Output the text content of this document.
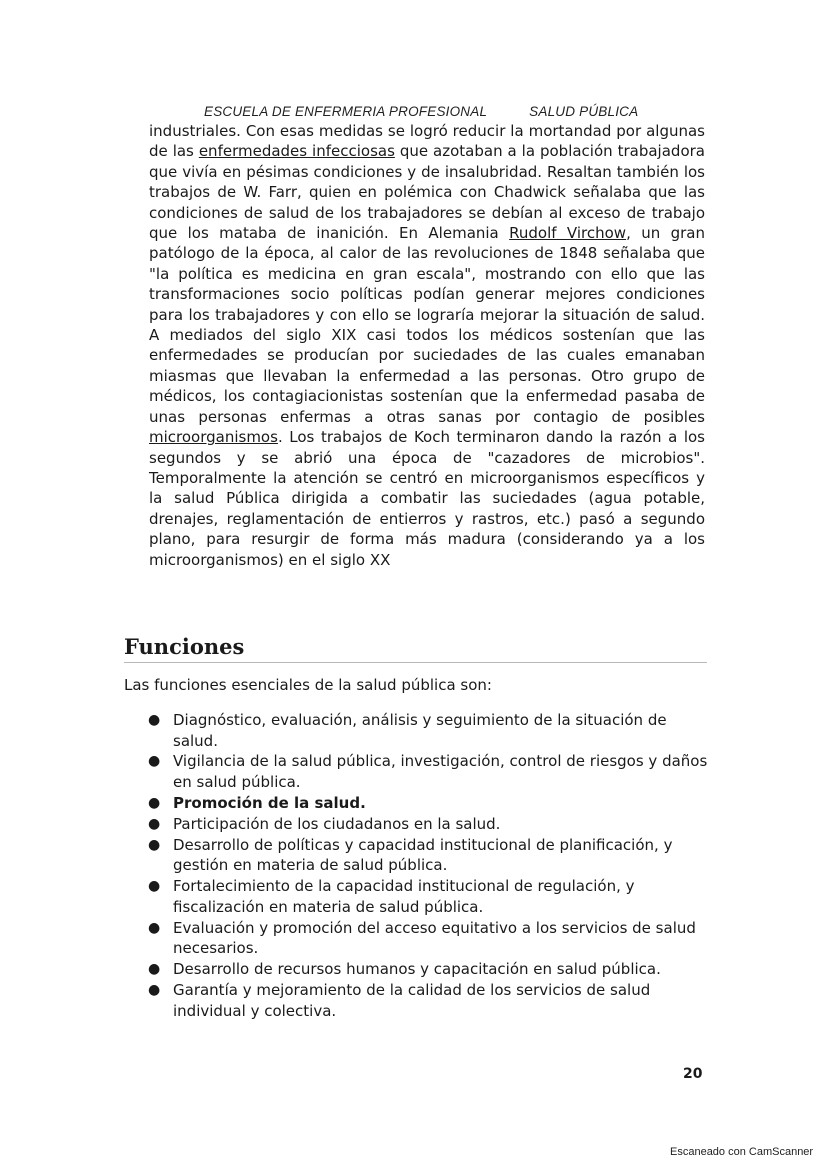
ESCUELA DE ENFERMERIA PROFESIONAL	SALUD PÚBLICA

industriales. Con esas medidas se logró reducir la mortandad por algunas de las enfermedades infecciosas que azotaban a la población trabajadora que vivía en pésimas condiciones y de insalubridad. Resaltan también los trabajos de W. Farr, quien en polémica con Chadwick señalaba que las condiciones de salud de los trabajadores se debían al exceso de trabajo que los mataba de inanición. En Alemania Rudolf Virchow, un gran patólogo de la época, al calor de las revoluciones de 1848 señalaba que "la política es medicina en gran escala", mostrando con ello que las transformaciones socio políticas podían generar mejores condiciones para los trabajadores y con ello se lograría mejorar la situación de salud. A mediados del siglo XIX casi todos los médicos sostenían que las enfermedades se producían por suciedades de las cuales emanaban miasmas que llevaban la enfermedad a las personas. Otro grupo de médicos, los contagiacionistas sostenían que la enfermedad pasaba de unas personas enfermas a otras sanas por contagio de posibles microorganismos. Los trabajos de Koch terminaron dando la razón a los segundos y se abrió una época de "cazadores de microbios". Temporalmente la atención se centró en microorganismos específicos y la salud Pública dirigida a combatir las suciedades (agua potable, drenajes, reglamentación de entierros y rastros, etc.) pasó a segundo plano, para resurgir de forma más madura (considerando ya a los microorganismos) en el siglo XX

Funciones

Las funciones esenciales de la salud pública son:

● Diagnóstico, evaluación, análisis y seguimiento de la situación de salud.
● Vigilancia de la salud pública, investigación, control de riesgos y daños en salud pública.
● Promoción de la salud.
● Participación de los ciudadanos en la salud.
● Desarrollo de políticas y capacidad institucional de planificación, y gestión en materia de salud pública.
● Fortalecimiento de la capacidad institucional de regulación, y fiscalización en materia de salud pública.
● Evaluación y promoción del acceso equitativo a los servicios de salud necesarios.
● Desarrollo de recursos humanos y capacitación en salud pública.
● Garantía y mejoramiento de la calidad de los servicios de salud individual y colectiva.
20
Escaneado con CamScanner
